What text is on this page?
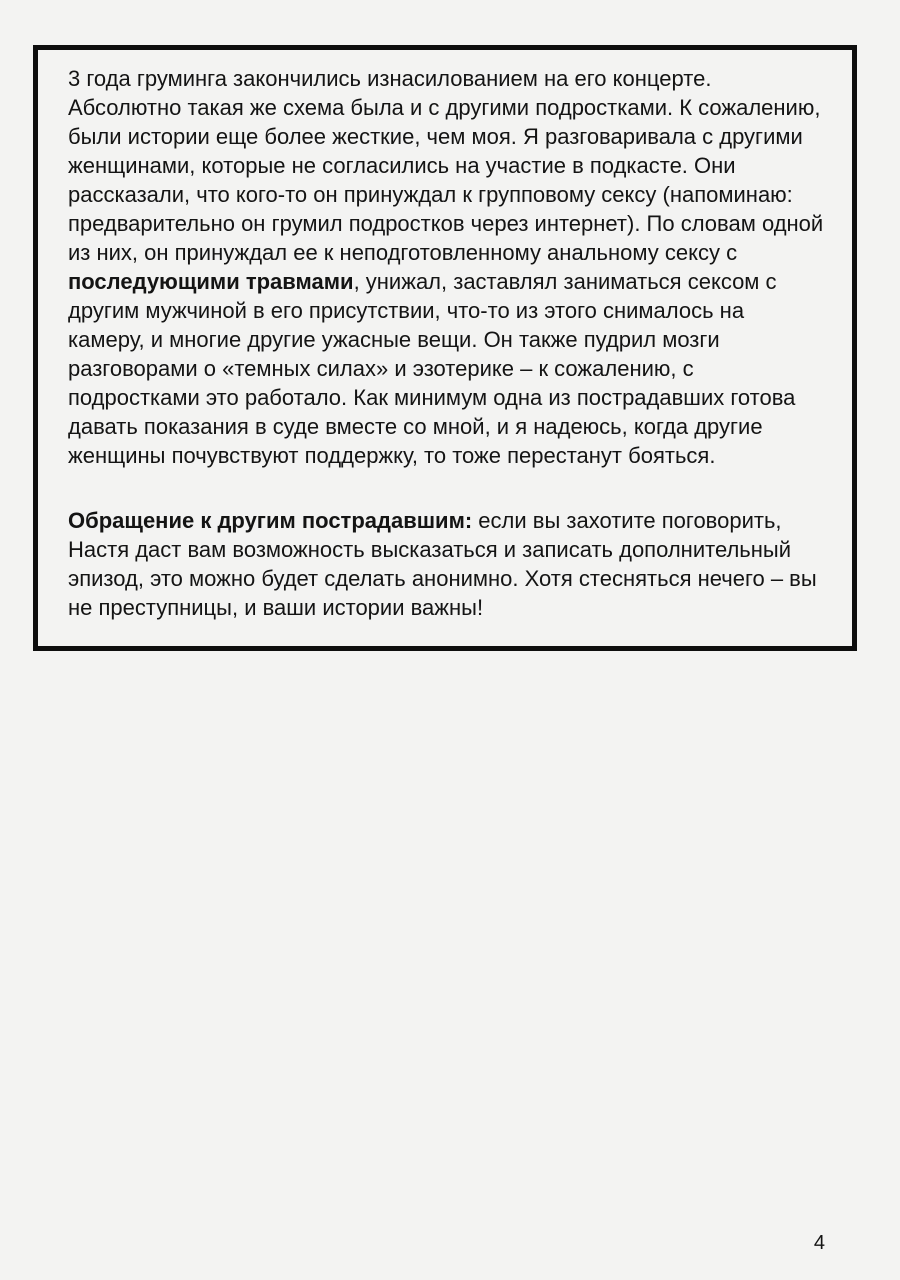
3 года груминга закончились изнасилованием на его концерте. Абсолютно такая же схема была и с другими подростками. К сожалению, были истории еще более жесткие, чем моя. Я разговаривала с другими женщинами, которые не согласились на участие в подкасте. Они рассказали, что кого-то он принуждал к групповому сексу (напоминаю: предварительно он грумил подростков через интернет). По словам одной из них, он принуждал ее к неподготовленному анальному сексу с последующими травмами, унижал, заставлял заниматься сексом с другим мужчиной в его присутствии, что-то из этого снималось на камеру, и многие другие ужасные вещи. Он также пудрил мозги разговорами о «темных силах» и эзотерике – к сожалению, с подростками это работало. Как минимум одна из пострадавших готова давать показания в суде вместе со мной, и я надеюсь, когда другие женщины почувствуют поддержку, то тоже перестанут бояться.

Обращение к другим пострадавшим: если вы захотите поговорить, Настя даст вам возможность высказаться и записать дополнительный эпизод, это можно будет сделать анонимно. Хотя стесняться нечего – вы не преступницы, и ваши истории важны!

4
